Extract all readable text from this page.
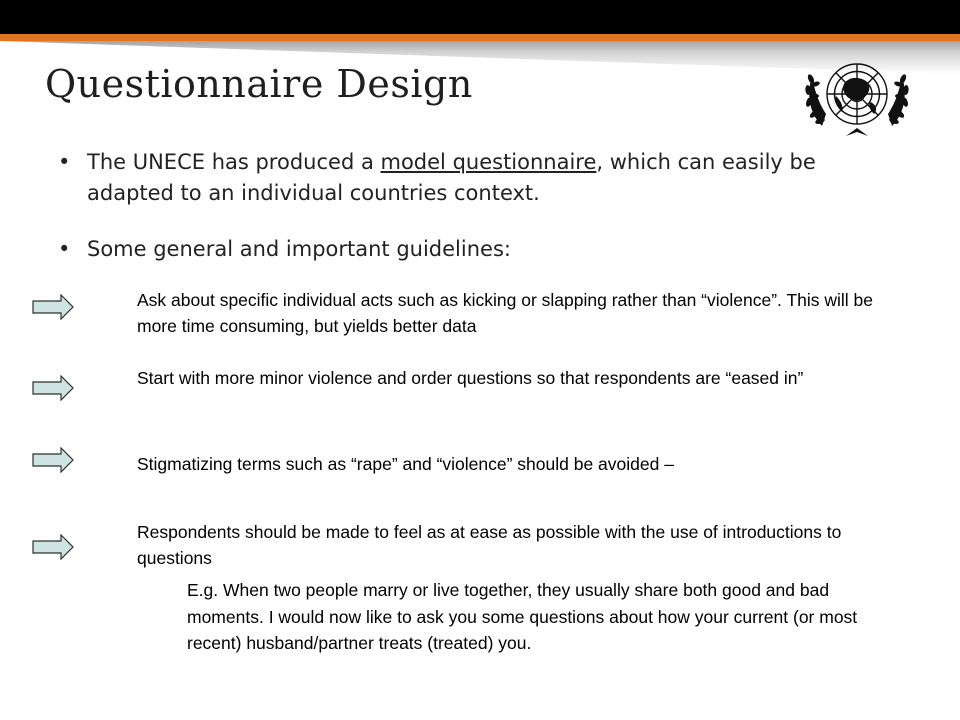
Questionnaire Design
• The UNECE has produced a model questionnaire, which can easily be adapted to an individual countries context.
• Some general and important guidelines:
Ask about specific individual acts such as kicking or slapping rather than “violence”. This will be more time consuming, but yields better data
Start with more minor violence and order questions so that respondents are “eased in”
Stigmatizing terms such as “rape” and “violence” should be avoided –
Respondents should be made to feel as at ease as possible with the use of introductions to questions
E.g. When two people marry or live together, they usually share both good and bad moments. I would now like to ask you some questions about how your current (or most recent) husband/partner treats (treated) you.
